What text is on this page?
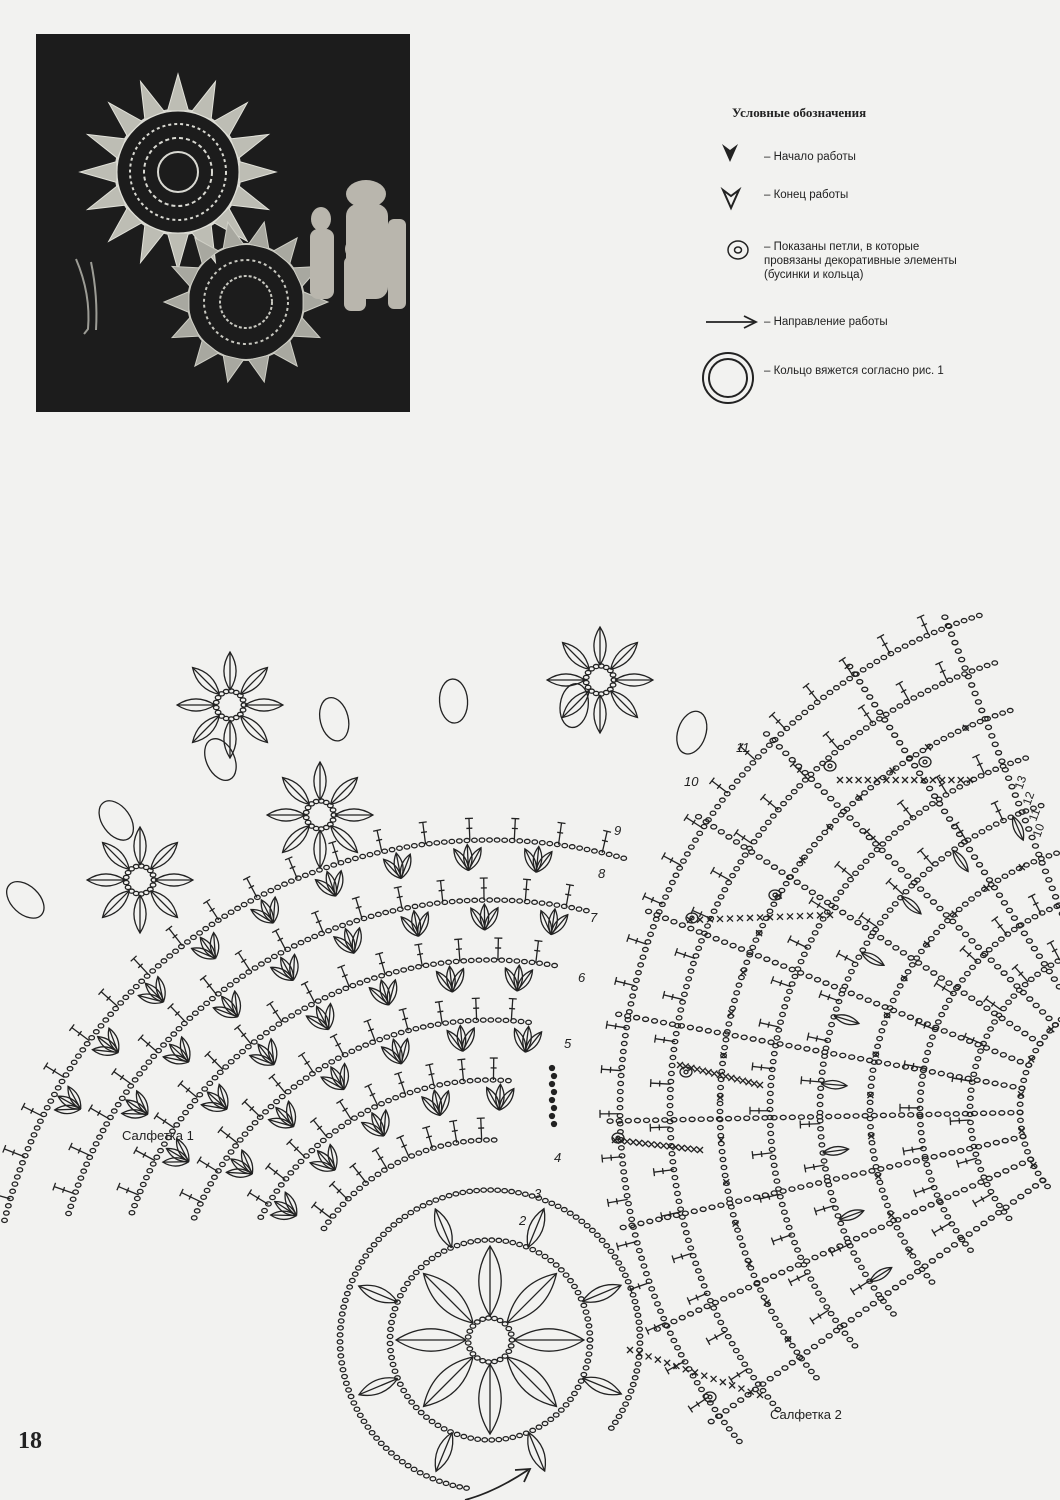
Условные обозначения
– Начало работы
– Конец работы
– Показаны петли, в которые провязаны декоративные элементы (бусинки и кольца)
– Направление работы
– Кольцо вяжется согласно рис. 1
2
3
4
5
6
7
8
9
10
11
10
11
12
13
Салфетка 1
Салфетка 2
18
